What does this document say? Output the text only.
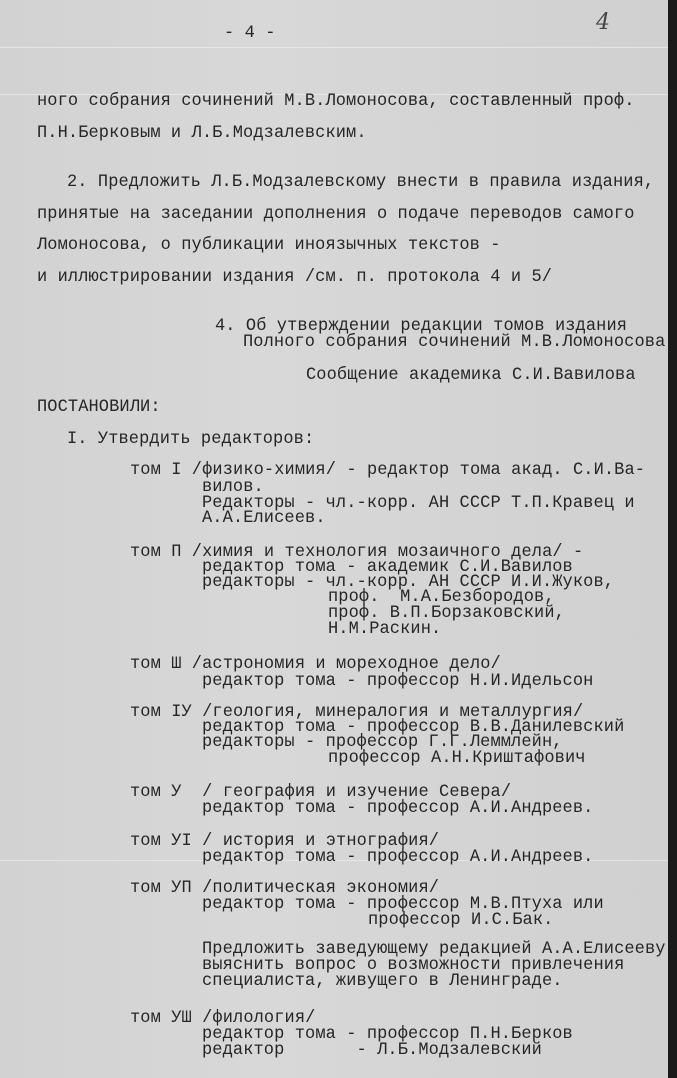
- 4 -	4
ного собрания сочинений М.В.Ломоносова, составленный проф.
П.Н.Берковым и Л.Б.Модзалевским.
2. Предложить Л.Б.Модзалевскому внести в правила издания,
принятые на заседании дополнения о подаче переводов самого
Ломоносова, о публикации иноязычных текстов -
и иллюстрировании издания /см. п. протокола 4 и 5/
4. Об утверждении редакции томов издания
Полного собрания сочинений М.В.Ломоносова
Сообщение академика С.И.Вавилова
ПОСТАНОВИЛИ:
I. Утвердить редакторов:
том I /физико-химия/ - редактор тома акад. С.И.Ва-
вилов.
Редакторы - чл.-корр. АН СССР Т.П.Кравец и
А.А.Елисеев.
том П /химия и технология мозаичного дела/ -
редактор тома - академик С.И.Вавилов
редакторы - чл.-корр. АН СССР И.И.Жуков,
проф.  М.А.Безбородов,
проф. В.П.Борзаковский,
Н.М.Раскин.
том Ш /астрономия и мореходное дело/
редактор тома - профессор Н.И.Идельсон
том IУ /геология, минералогия и металлургия/
редактор тома - профессор В.В.Данилевский
редакторы - профессор Г.Г.Леммлейн,
профессор А.Н.Криштафович
том У  / география и изучение Севера/
редактор тома - профессор А.И.Андреев.
том УI / история и этнография/
редактор тома - профессор А.И.Андреев.
том УП /политическая экономия/
редактор тома - профессор М.В.Птуха или
профессор И.С.Бак.
Предложить заведующему редакцией А.А.Елисееву
выяснить вопрос о возможности привлечения
специалиста, живущего в Ленинграде.
том УШ /филология/
редактор тома - профессор П.Н.Берков
редактор       - Л.Б.Модзалевский
